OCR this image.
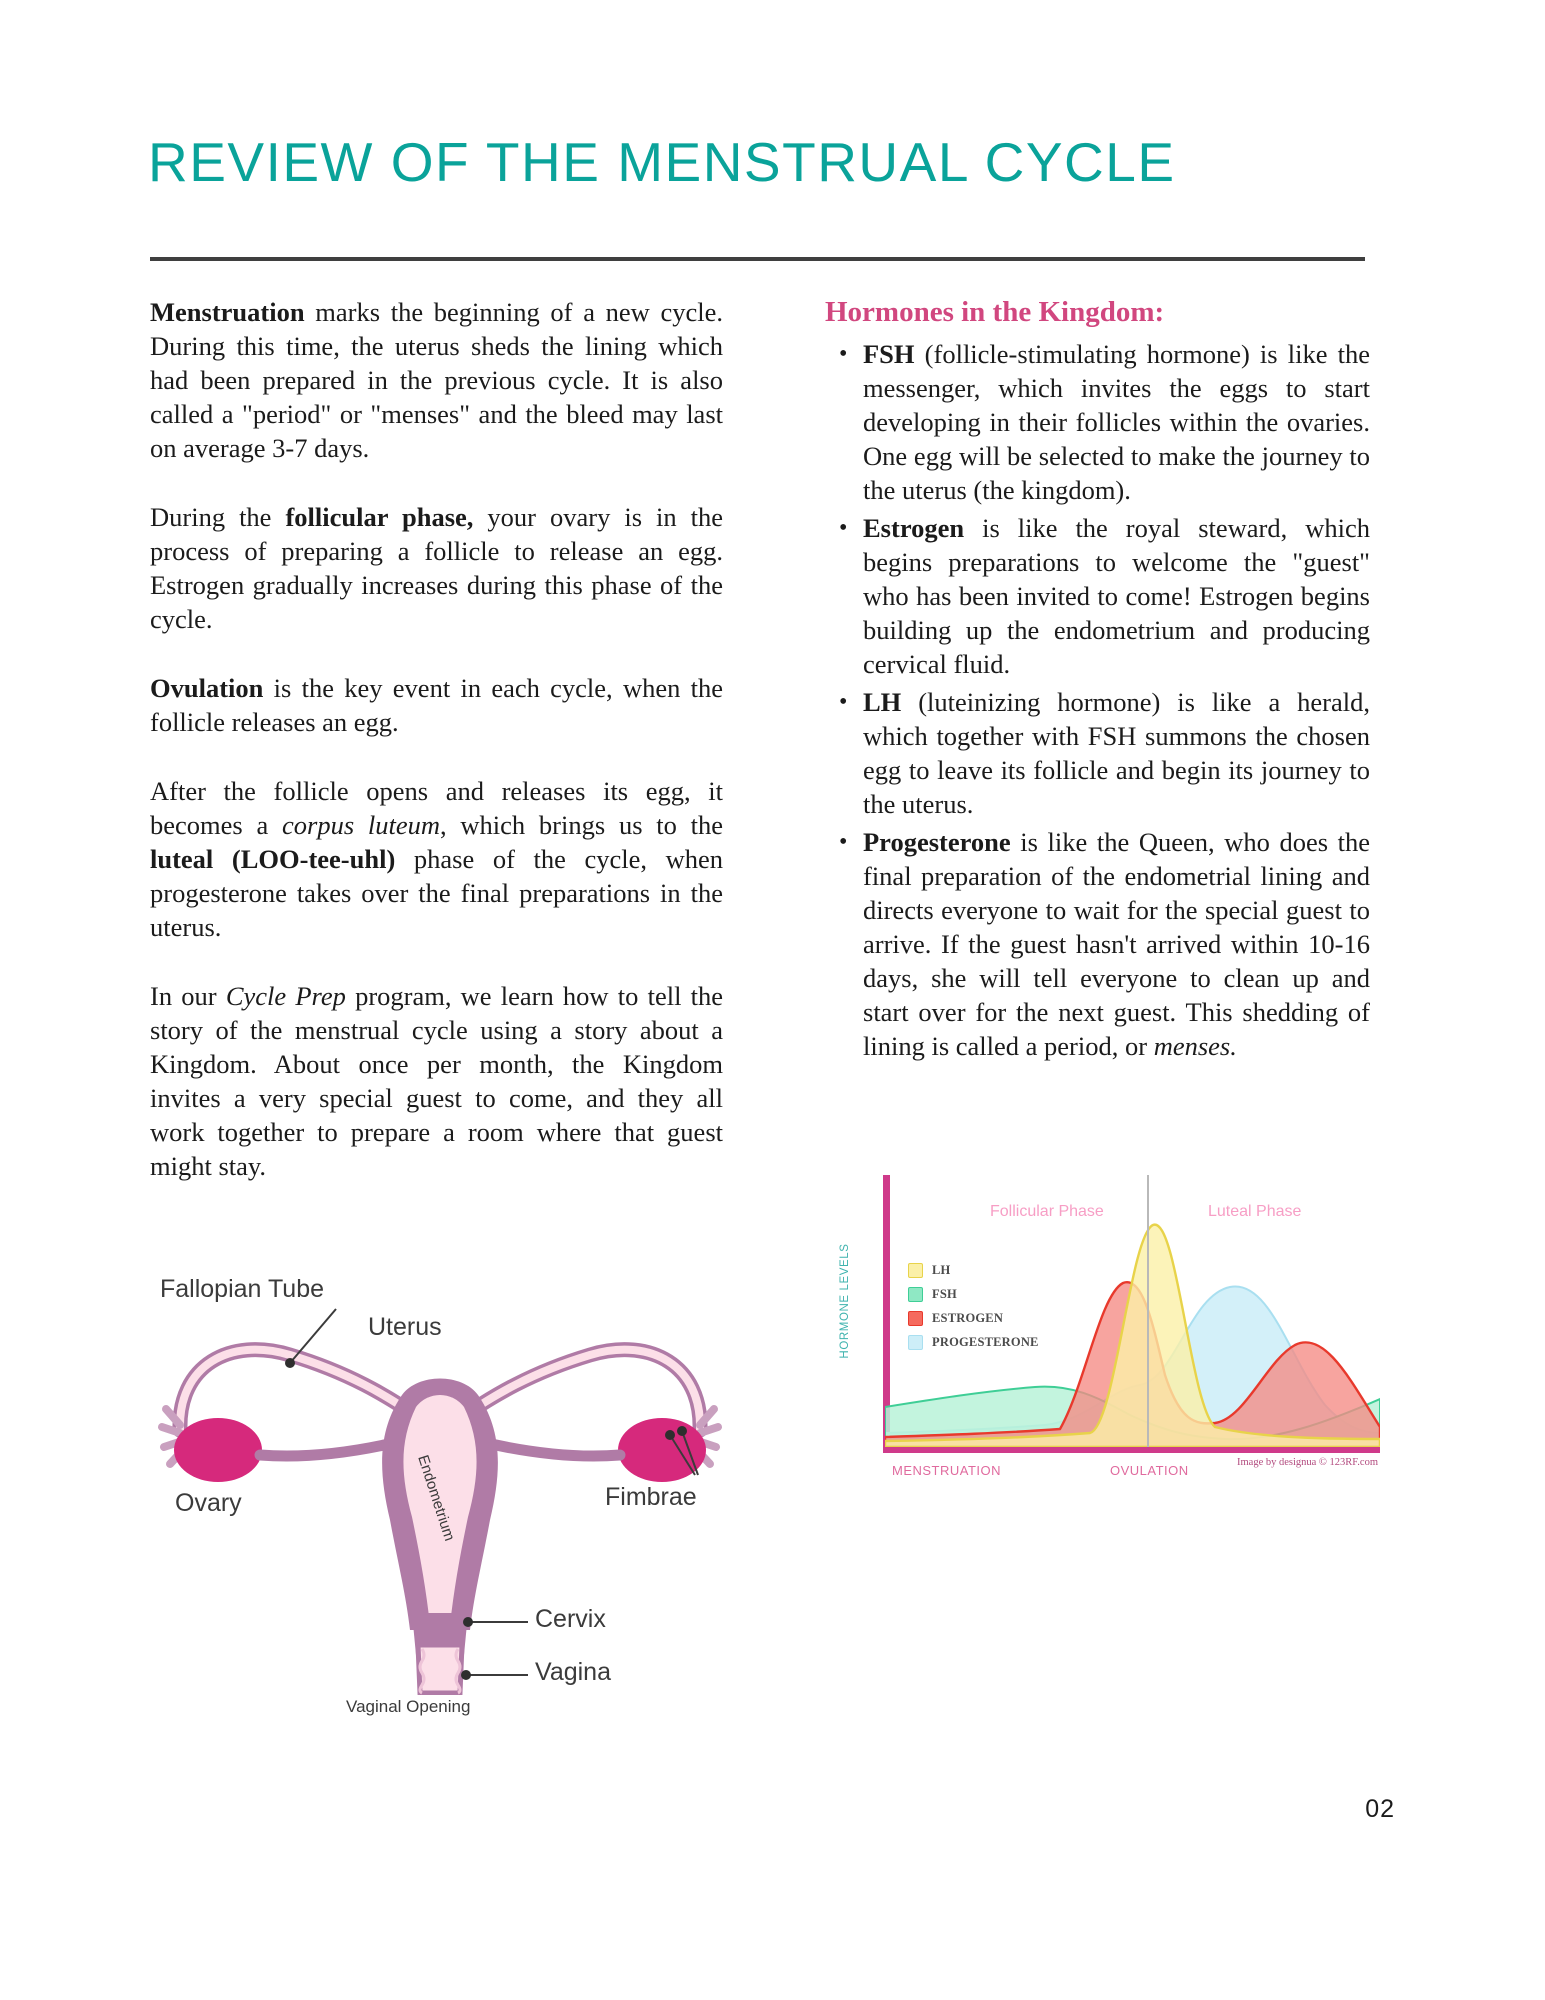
REVIEW OF THE MENSTRUAL CYCLE

Menstruation marks the beginning of a new cycle. During this time, the uterus sheds the lining which had been prepared in the previous cycle. It is also called a "period" or "menses" and the bleed may last on average 3-7 days.

During the follicular phase, your ovary is in the process of preparing a follicle to release an egg. Estrogen gradually increases during this phase of the cycle.

Ovulation is the key event in each cycle, when the follicle releases an egg.

After the follicle opens and releases its egg, it becomes a corpus luteum, which brings us to the luteal (LOO-tee-uhl) phase of the cycle, when progesterone takes over the final preparations in the uterus.

In our Cycle Prep program, we learn how to tell the story of the menstrual cycle using a story about a Kingdom. About once per month, the Kingdom invites a very special guest to come, and they all work together to prepare a room where that guest might stay.

Hormones in the Kingdom:
• FSH (follicle-stimulating hormone) is like the messenger, which invites the eggs to start developing in their follicles within the ovaries. One egg will be selected to make the journey to the uterus (the kingdom).
• Estrogen is like the royal steward, which begins preparations to welcome the "guest" who has been invited to come! Estrogen begins building up the endometrium and producing cervical fluid.
• LH (luteinizing hormone) is like a herald, which together with FSH summons the chosen egg to leave its follicle and begin its journey to the uterus.
• Progesterone is like the Queen, who does the final preparation of the endometrial lining and directs everyone to wait for the special guest to arrive. If the guest hasn't arrived within 10-16 days, she will tell everyone to clean up and start over for the next guest. This shedding of lining is called a period, or menses.
Endometrium
Fallopian Tube
Uterus
Ovary	Fimbrae
Cervix
Vagina
Vaginal Opening
HORMONE LEVELS
Follicular Phase	Luteal Phase
LH
FSH
ESTROGEN
PROGESTERONE
MENSTRUATION	OVULATION
Image by designua © 123RF.com
02
